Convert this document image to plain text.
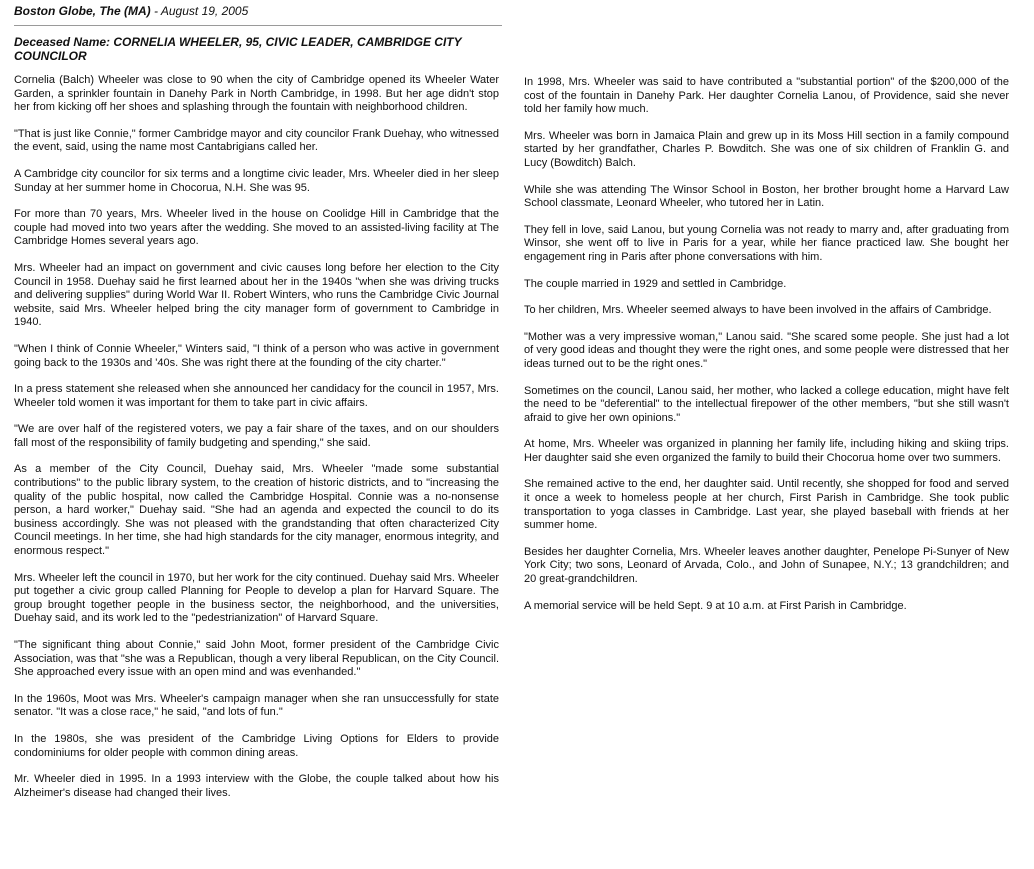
Boston Globe, The (MA) - August 19, 2005
Deceased Name: CORNELIA WHEELER, 95, CIVIC LEADER, CAMBRIDGE CITY COUNCILOR

Cornelia (Balch) Wheeler was close to 90 when the city of Cambridge opened its Wheeler Water Garden, a sprinkler fountain in Danehy Park in North Cambridge, in 1998. But her age didn't stop her from kicking off her shoes and splashing through the fountain with neighborhood children.

"That is just like Connie," former Cambridge mayor and city councilor Frank Duehay, who witnessed the event, said, using the name most Cantabrigians called her.

A Cambridge city councilor for six terms and a longtime civic leader, Mrs. Wheeler died in her sleep Sunday at her summer home in Chocorua, N.H. She was 95.

For more than 70 years, Mrs. Wheeler lived in the house on Coolidge Hill in Cambridge that the couple had moved into two years after the wedding. She moved to an assisted-living facility at The Cambridge Homes several years ago.

Mrs. Wheeler had an impact on government and civic causes long before her election to the City Council in 1958. Duehay said he first learned about her in the 1940s "when she was driving trucks and delivering supplies" during World War II. Robert Winters, who runs the Cambridge Civic Journal website, said Mrs. Wheeler helped bring the city manager form of government to Cambridge in 1940.

"When I think of Connie Wheeler," Winters said, "I think of a person who was active in government going back to the 1930s and '40s. She was right there at the founding of the city charter."

In a press statement she released when she announced her candidacy for the council in 1957, Mrs. Wheeler told women it was important for them to take part in civic affairs.

"We are over half of the registered voters, we pay a fair share of the taxes, and on our shoulders fall most of the responsibility of family budgeting and spending," she said.

As a member of the City Council, Duehay said, Mrs. Wheeler "made some substantial contributions" to the public library system, to the creation of historic districts, and to "increasing the quality of the public hospital, now called the Cambridge Hospital. Connie was a no-nonsense person, a hard worker," Duehay said. "She had an agenda and expected the council to do its business accordingly. She was not pleased with the grandstanding that often characterized City Council meetings. In her time, she had high standards for the city manager, enormous integrity, and enormous respect."

Mrs. Wheeler left the council in 1970, but her work for the city continued. Duehay said Mrs. Wheeler put together a civic group called Planning for People to develop a plan for Harvard Square. The group brought together people in the business sector, the neighborhood, and the universities, Duehay said, and its work led to the "pedestrianization" of Harvard Square.

"The significant thing about Connie," said John Moot, former president of the Cambridge Civic Association, was that "she was a Republican, though a very liberal Republican, on the City Council. She approached every issue with an open mind and was evenhanded."

In the 1960s, Moot was Mrs. Wheeler's campaign manager when she ran unsuccessfully for state senator. "It was a close race," he said, "and lots of fun."

In the 1980s, she was president of the Cambridge Living Options for Elders to provide condominiums for older people with common dining areas.

Mr. Wheeler died in 1995. In a 1993 interview with the Globe, the couple talked about how his Alzheimer's disease had changed their lives.

In 1998, Mrs. Wheeler was said to have contributed a "substantial portion" of the $200,000 of the cost of the fountain in Danehy Park. Her daughter Cornelia Lanou, of Providence, said she never told her family how much.

Mrs. Wheeler was born in Jamaica Plain and grew up in its Moss Hill section in a family compound started by her grandfather, Charles P. Bowditch. She was one of six children of Franklin G. and Lucy (Bowditch) Balch.

While she was attending The Winsor School in Boston, her brother brought home a Harvard Law School classmate, Leonard Wheeler, who tutored her in Latin.

They fell in love, said Lanou, but young Cornelia was not ready to marry and, after graduating from Winsor, she went off to live in Paris for a year, while her fiance practiced law. She bought her engagement ring in Paris after phone conversations with him.

The couple married in 1929 and settled in Cambridge.

To her children, Mrs. Wheeler seemed always to have been involved in the affairs of Cambridge.

"Mother was a very impressive woman," Lanou said. "She scared some people. She just had a lot of very good ideas and thought they were the right ones, and some people were distressed that her ideas turned out to be the right ones."

Sometimes on the council, Lanou said, her mother, who lacked a college education, might have felt the need to be "deferential" to the intellectual firepower of the other members, "but she still wasn't afraid to give her own opinions."

At home, Mrs. Wheeler was organized in planning her family life, including hiking and skiing trips. Her daughter said she even organized the family to build their Chocorua home over two summers.

She remained active to the end, her daughter said. Until recently, she shopped for food and served it once a week to homeless people at her church, First Parish in Cambridge. She took public transportation to yoga classes in Cambridge. Last year, she played baseball with friends at her summer home.

Besides her daughter Cornelia, Mrs. Wheeler leaves another daughter, Penelope Pi-Sunyer of New York City; two sons, Leonard of Arvada, Colo., and John of Sunapee, N.Y.; 13 grandchildren; and 20 great-grandchildren.

A memorial service will be held Sept. 9 at 10 a.m. at First Parish in Cambridge.
